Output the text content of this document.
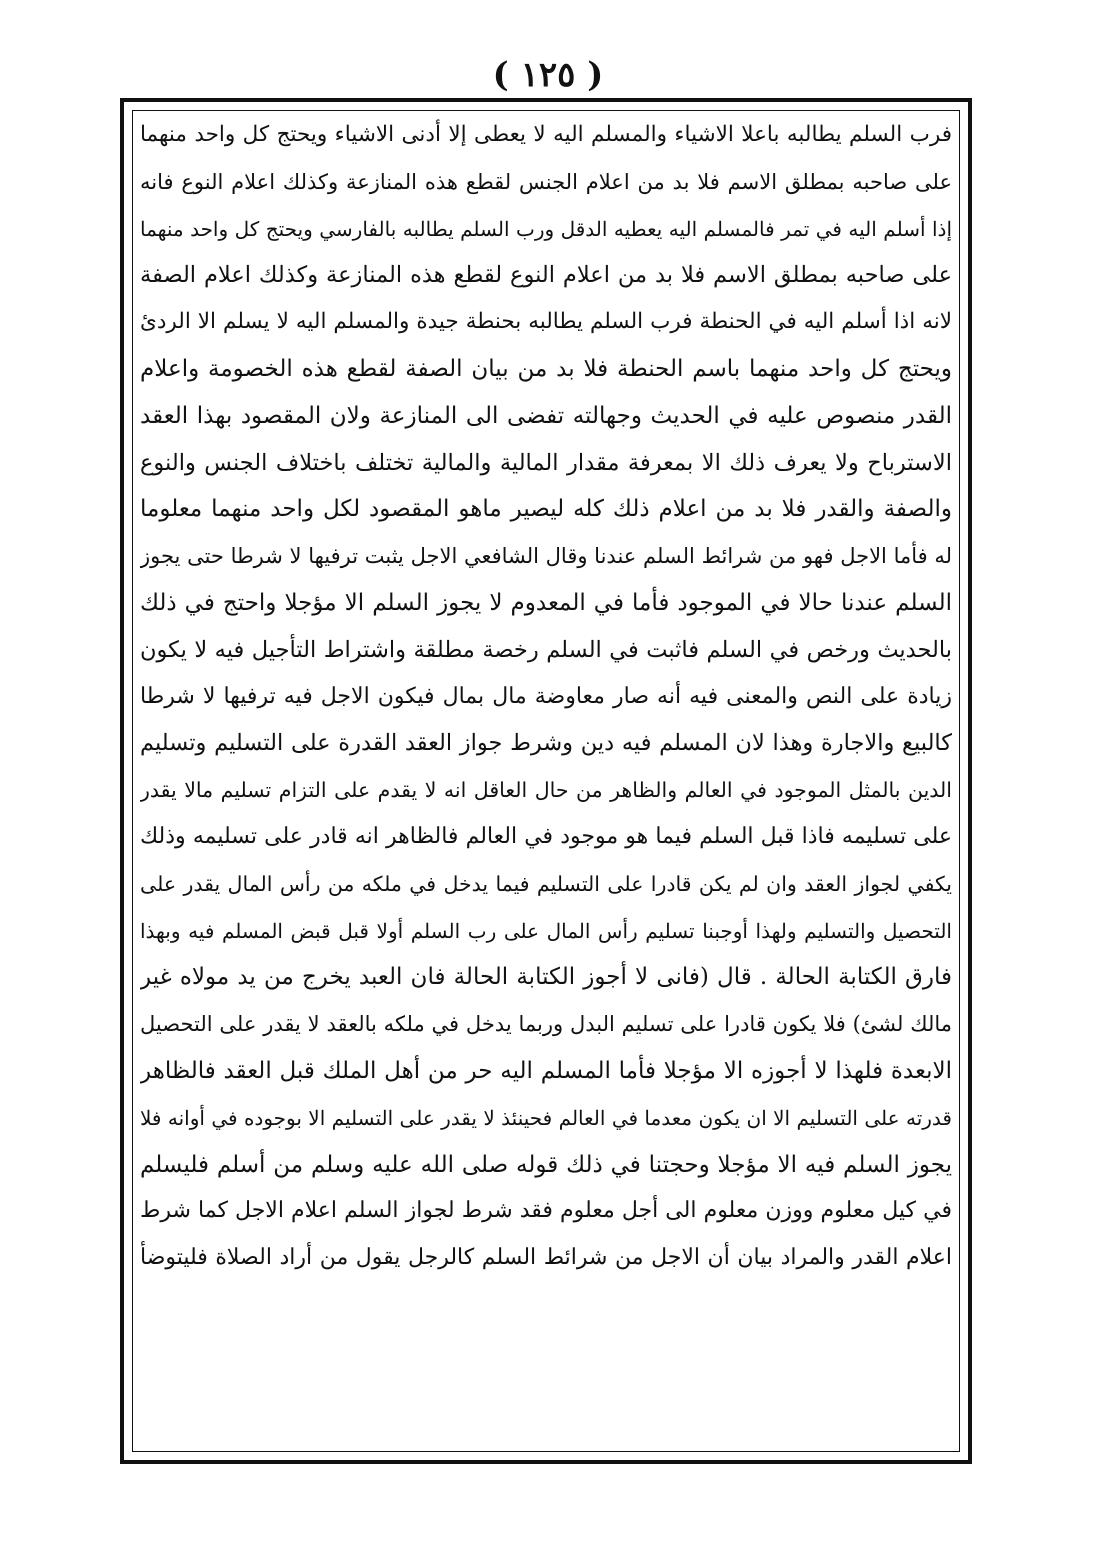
( ١٢٥ )
فرب السلم يطالبه باعلا الاشياء والمسلم اليه لا يعطى إلا أدنى الاشياء ويحتج كل واحد منهما
على صاحبه بمطلق الاسم فلا بد من اعلام الجنس لقطع هذه المنازعة وكذلك اعلام النوع فانه
إذا أسلم اليه في تمر فالمسلم اليه يعطيه الدقل ورب السلم يطالبه بالفارسي ويحتج كل واحد منهما
على صاحبه بمطلق الاسم فلا بد من اعلام النوع لقطع هذه المنازعة وكذلك اعلام الصفة
لانه اذا أسلم اليه في الحنطة فرب السلم يطالبه بحنطة جيدة والمسلم اليه لا يسلم الا الردئ
ويحتج كل واحد منهما باسم الحنطة فلا بد من بيان الصفة لقطع هذه الخصومة واعلام
القدر منصوص عليه في الحديث وجهالته تفضى الى المنازعة ولان المقصود بهذا العقد
الاسترباح ولا يعرف ذلك الا بمعرفة مقدار المالية والمالية تختلف باختلاف الجنس والنوع
والصفة والقدر فلا بد من اعلام ذلك كله ليصير ماهو المقصود لكل واحد منهما معلوما
له فأما الاجل فهو من شرائط السلم عندنا وقال الشافعي الاجل يثبت ترفيها لا شرطا حتى يجوز
السلم عندنا حالا في الموجود فأما في المعدوم لا يجوز السلم الا مؤجلا واحتج في ذلك
بالحديث ورخص في السلم فاثبت في السلم رخصة مطلقة واشتراط التأجيل فيه لا يكون
زيادة على النص والمعنى فيه أنه صار معاوضة مال بمال فيكون الاجل فيه ترفيها لا شرطا
كالبيع والاجارة وهذا لان المسلم فيه دين وشرط جواز العقد القدرة على التسليم وتسليم
الدين بالمثل الموجود في العالم والظاهر من حال العاقل انه لا يقدم على التزام تسليم مالا يقدر
على تسليمه فاذا قبل السلم فيما هو موجود في العالم فالظاهر انه قادر على تسليمه وذلك
يكفي لجواز العقد وان لم يكن قادرا على التسليم فيما يدخل في ملكه من رأس المال يقدر على
التحصيل والتسليم ولهذا أوجبنا تسليم رأس المال على رب السلم أولا قبل قبض المسلم فيه وبهذا
فارق الكتابة الحالة . قال (فانى لا أجوز الكتابة الحالة فان العبد يخرج من يد مولاه غير
مالك لشئ) فلا يكون قادرا على تسليم البدل وربما يدخل في ملكه بالعقد لا يقدر على التحصيل
الابعدة فلهذا لا أجوزه الا مؤجلا فأما المسلم اليه حر من أهل الملك قبل العقد فالظاهر
قدرته على التسليم الا ان يكون معدما في العالم فحينئذ لا يقدر على التسليم الا بوجوده في أوانه فلا
يجوز السلم فيه الا مؤجلا وحجتنا في ذلك قوله صلى الله عليه وسلم من أسلم فليسلم
في كيل معلوم ووزن معلوم الى أجل معلوم فقد شرط لجواز السلم اعلام الاجل كما شرط
اعلام القدر والمراد بيان أن الاجل من شرائط السلم كالرجل يقول من أراد الصلاة فليتوضأ
